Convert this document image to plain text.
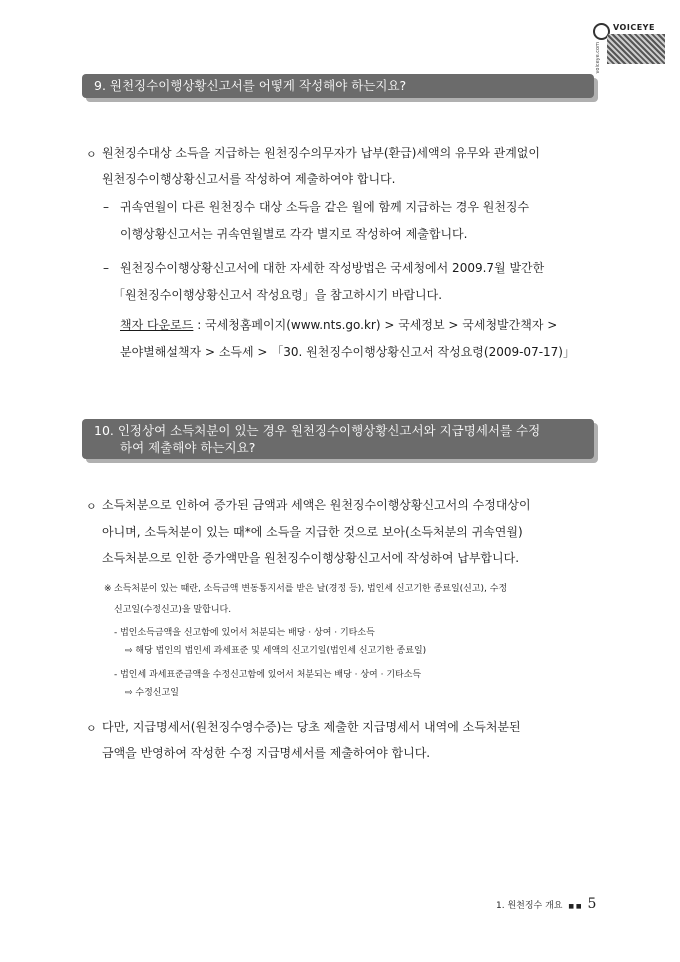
VOICEYE
voiceye.com
9. 원천징수이행상황신고서를 어떻게 작성해야 하는지요?
ㅇ 원천징수대상 소득을 지급하는 원천징수의무자가 납부(환급)세액의 유무와 관계없이
원천징수이행상황신고서를 작성하여 제출하여야 합니다.
– 귀속연월이 다른 원천징수 대상 소득을 같은 월에 함께 지급하는 경우 원천징수
이행상황신고서는 귀속연월별로 각각 별지로 작성하여 제출합니다.
– 원천징수이행상황신고서에 대한 자세한 작성방법은 국세청에서 2009.7월 발간한
「원천징수이행상황신고서 작성요령」을 참고하시기 바랍니다.
책자 다운로드 : 국세청홈페이지(www.nts.go.kr) > 국세정보 > 국세청발간책자 >
분야별해설책자 > 소득세 > 「30. 원천징수이행상황신고서 작성요령(2009-07-17)」
10. 인정상여 소득처분이 있는 경우 원천징수이행상황신고서와 지급명세서를 수정
하여 제출해야 하는지요?
ㅇ 소득처분으로 인하여 증가된 금액과 세액은 원천징수이행상황신고서의 수정대상이
아니며, 소득처분이 있는 때*에 소득을 지급한 것으로 보아(소득처분의 귀속연월)
소득처분으로 인한 증가액만을 원천징수이행상황신고서에 작성하여 납부합니다.
※ 소득처분이 있는 때란, 소득금액 변동통지서를 받은 날(경정 등), 법인세 신고기한 종료일(신고), 수정
신고일(수정신고)을 말합니다.
- 법인소득금액을 신고함에 있어서 처분되는 배당 · 상여 · 기타소득
⇨ 해당 법인의 법인세 과세표준 및 세액의 신고기일(법인세 신고기한 종료일)
- 법인세 과세표준금액을 수정신고함에 있어서 처분되는 배당 · 상여 · 기타소득
⇨ 수정신고일
ㅇ 다만, 지급명세서(원천징수영수증)는 당초 제출한 지급명세서 내역에 소득처분된
금액을 반영하여 작성한 수정 지급명세서를 제출하여야 합니다.
1. 원천징수 개요 ■ ■ 5
